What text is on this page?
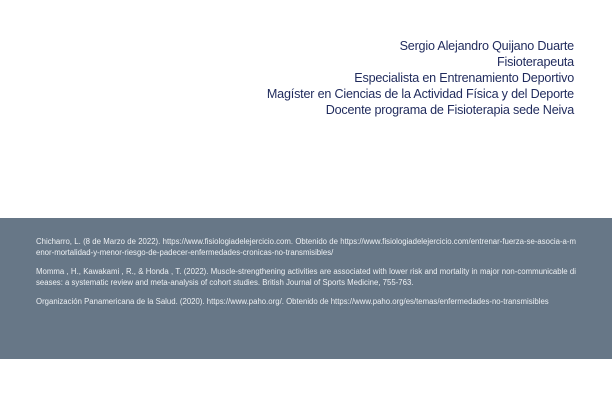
Sergio Alejandro Quijano Duarte
Fisioterapeuta
Especialista en Entrenamiento Deportivo
Magíster en Ciencias de la Actividad Física y del Deporte
Docente programa de Fisioterapia sede Neiva

Chicharro, L. (8 de Marzo de 2022). https://www.fisiologiadelejercicio.com. Obtenido de https://www.fisiologiadelejercicio.com/entrenar-fuerza-se-asocia-a-menor-mortalidad-y-menor-riesgo-de-padecer-enfermedades-cronicas-no-transmisibles/

Momma , H., Kawakami , R., & Honda , T. (2022). Muscle-strengthening activities are associated with lower risk and mortality in major non-communicable diseases: a systematic review and meta-analysis of cohort studies. British Journal of Sports Medicine, 755-763.

Organización Panamericana de la Salud. (2020). https://www.paho.org/. Obtenido de https://www.paho.org/es/temas/enfermedades-no-transmisibles
